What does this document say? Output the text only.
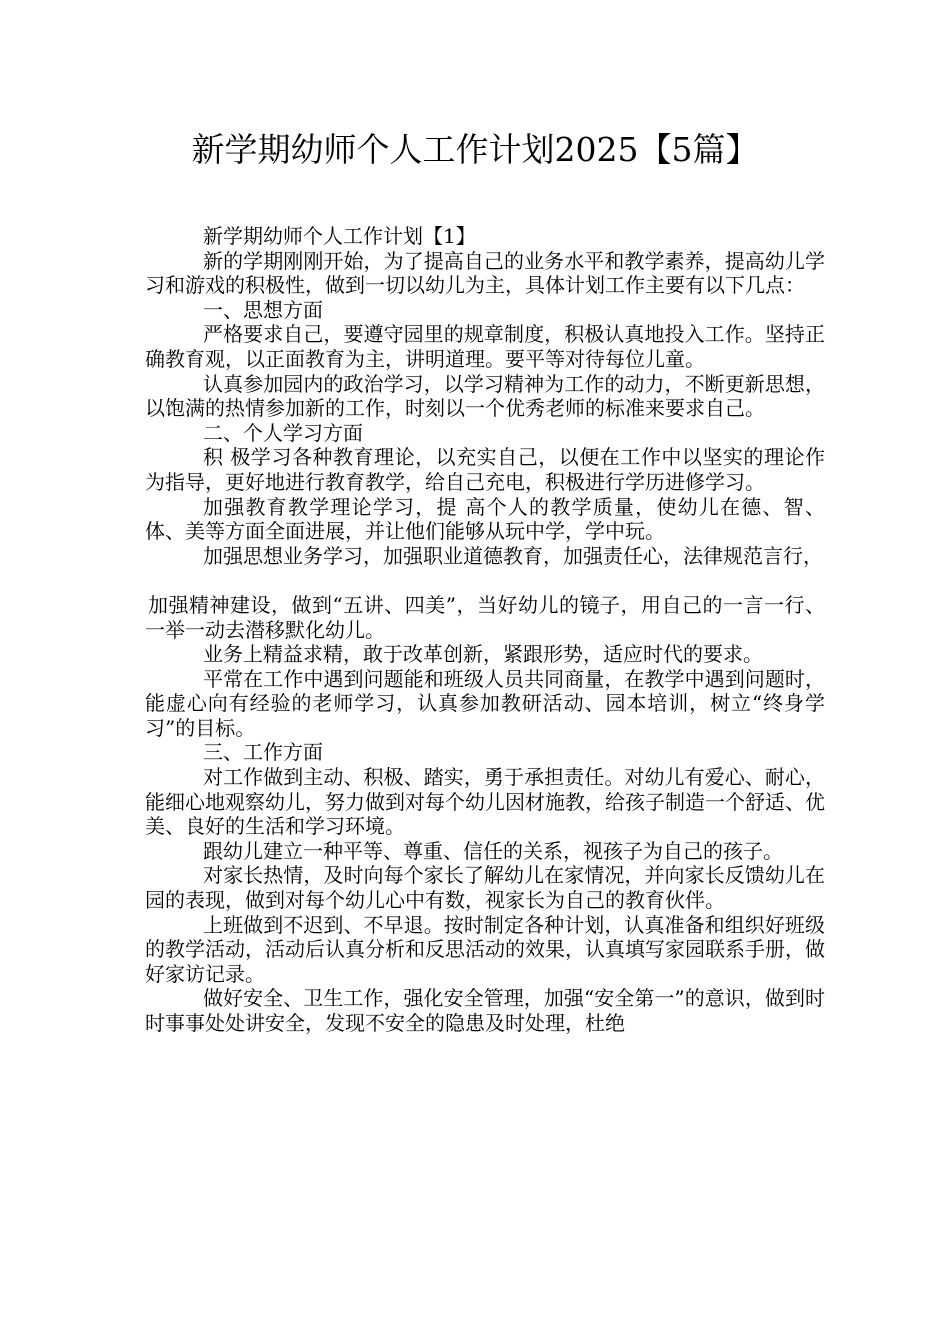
新学期幼师个人工作计划2025【5篇】

新学期幼师个人工作计划【1】

新的学期刚刚开始，为了提高自己的业务水平和教学素养，提高幼儿学习和游戏的积极性，做到一切以幼儿为主，具体计划工作主要有以下几点：

一、思想方面

严格要求自己，要遵守园里的规章制度，积极认真地投入工作。坚持正确教育观，以正面教育为主，讲明道理。要平等对待每位儿童。

认真参加园内的政治学习，以学习精神为工作的动力，不断更新思想，以饱满的热情参加新的工作，时刻以一个优秀老师的标准来要求自己。

二、个人学习方面

积 极学习各种教育理论，以充实自己，以便在工作中以坚实的理论作为指导，更好地进行教育教学，给自己充电，积极进行学历进修学习。

加强教育教学理论学习，提 高个人的教学质量，使幼儿在德、智、体、美等方面全面进展，并让他们能够从玩中学，学中玩。

加强思想业务学习，加强职业道德教育，加强责任心，法律规范言行，

加强精神建设，做到“五讲、四美”，当好幼儿的镜子，用自己的一言一行、一举一动去潜移默化幼儿。

业务上精益求精，敢于改革创新，紧跟形势，适应时代的要求。

平常在工作中遇到问题能和班级人员共同商量，在教学中遇到问题时，能虚心向有经验的老师学习，认真参加教研活动、园本培训，树立“终身学习”的目标。

三、工作方面

对工作做到主动、积极、踏实，勇于承担责任。对幼儿有爱心、耐心，能细心地观察幼儿，努力做到对每个幼儿因材施教，给孩子制造一个舒适、优美、良好的生活和学习环境。

跟幼儿建立一种平等、尊重、信任的关系，视孩子为自己的孩子。

对家长热情，及时向每个家长了解幼儿在家情况，并向家长反馈幼儿在园的表现，做到对每个幼儿心中有数，视家长为自己的教育伙伴。

上班做到不迟到、不早退。按时制定各种计划，认真准备和组织好班级的教学活动，活动后认真分析和反思活动的效果，认真填写家园联系手册，做好家访记录。

做好安全、卫生工作，强化安全管理，加强“安全第一”的意识，做到时时事事处处讲安全，发现不安全的隐患及时处理，杜绝
